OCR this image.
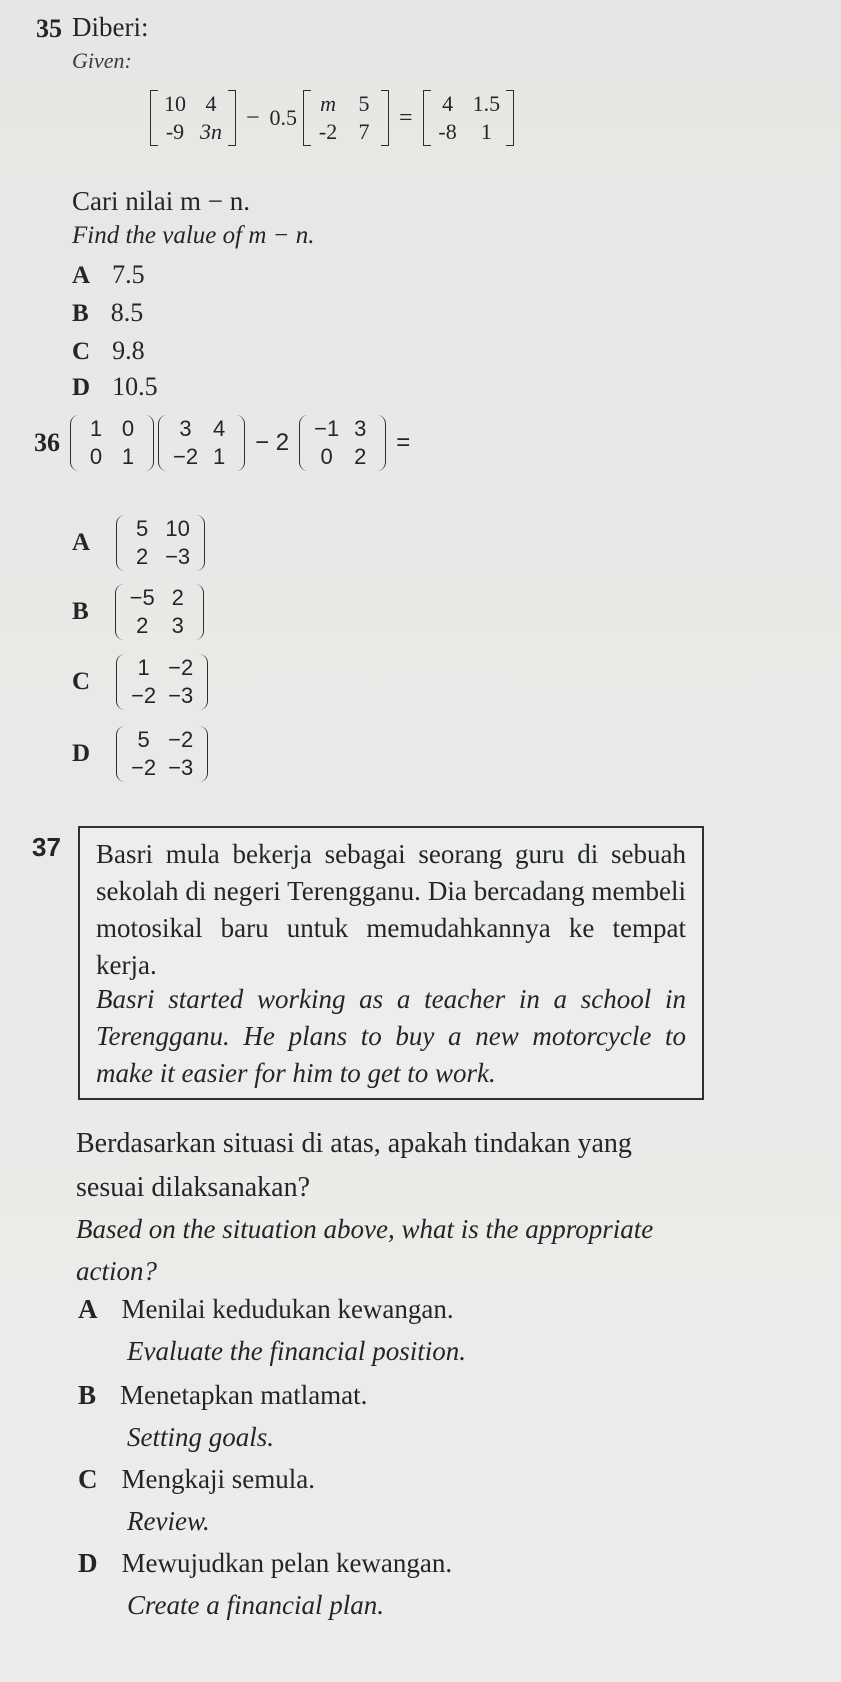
35 Diberi:
Given:
10 4
-9 3n
− 0.5
m 5
-2 7
=
4 1.5
-8	1
Cari nilai m − n.
Find the value of m − n.
A 7.5
B 8.5
C 9.8
D 10.5
36 1 0
0 1

3 4
−2 1
− 2
−1 3
0 2
=
A
5 10
2 −3
B
−5 2
2 3
C
1 −2
−2 −3
D
5 −2
−2 −3
37 Basri mula bekerja sebagai seorang guru di sebuah sekolah di negeri Terengganu. Dia bercadang membeli motosikal baru untuk memudahkannya ke tempat kerja.

Basri started working as a teacher in a school in Terengganu. He plans to buy a new motorcycle to make it easier for him to get to work.

Berdasarkan situasi di atas, apakah tindakan yang
sesuai dilaksanakan?
Based on the situation above, what is the appropriate
action?
A Menilai kedudukan kewangan.
Evaluate the financial position.
B Menetapkan matlamat.
Setting goals.
C Mengkaji semula.
Review.
D Mewujudkan pelan kewangan.
Create a financial plan.
